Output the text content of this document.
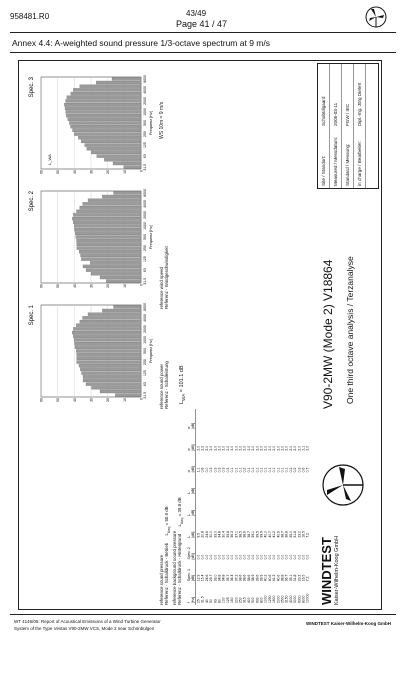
958481.R0	43/49
Page 41 / 47
Annex 4.4: A-weighted sound pressure 1/3-octave spectrum at 9 m/s
WINDTEST Kaiser-Wilhelm-Koog GmbH
V90-2MW (Mode 2) V18864 One third octave analysis / Terzanalyse
Site / Standort:
Schobüllgaard
Measured / Messdatum:
2005-03-11
Standard / Messung:
FGW / IEC
in charge / Bearbeiter:
Dipl.-Ing. Jörg Dietert
reference sound pressure Referenz - Schalldruck - Betrieb $L_{Aeq} = 50.9$ dB
reference background sound pressure Referenz - Schalldruck - Hintergrund $L_{Aeq} = 39.8$ dB
f
Spec. 1
Spec. 2
L
L
L
σ
σ
σ
[Hz]
[dB]
[dB]
[dB]
[dB]
[dB]
[dB]
[dB]
[dB]
25
12.9
0.0
9.5
1.1
2.0
31.5
15.4
0.0
20.8
0.8
2.2
40
24.6
0.0
24.6
0.0
2.0
50
29.7
0.0
30.0
0.3
2.0
63
33.0
0.0
33.0
0.3
2.0
80
34.8
0.0
34.8
0.3
2.0
100
34.8
0.0
30.4
0.3
2.0
125
35.7
0.0
35.8
0.3
2.0
160
36.4
0.0
36.3
0.1
2.0
200
37.2
0.0
37.1
0.1
2.0
250
38.6
0.0
38.5
0.1
2.0
315
38.6
0.0
38.6
0.2
2.0
400
38.6
0.0
38.7
0.1
2.0
500
38.9
0.0
39.1
0.1
2.0
630
39.6
0.0
39.5
0.1
2.0
800
39.9
0.0
39.9
0.1
2.0
1000
40.2
0.0
40.0
0.1
2.0
1250
40.6
0.0
40.7
0.1
2.0
1600
41.3
0.0
41.2
0.1
2.0
2000
40.6
0.0
40.6
0.1
2.0
2500
38.8
0.0
38.7
0.1
2.0
3150
36.7
0.0
36.8
0.1
2.0
4000
35.1
0.0
35.0
0.2
2.0
5000
31.8
0.0
31.8
0.2
2.0
6300
23.2
0.0
23.2
0.3
2.0
8000
16.5
0.0
16.5
0.6
2.1
10000
7.2
0.0
7.2
0.7
2.0
reference sound power Referenz - Schalleistung $L_{WA} = 101.1$ dB
reference wind speed Referenz - Windgeschwindigkeit
WS 10m = 9 m/s
Spec. 1
0
10
20
30
40
50
60
31.5
63
125
250
500
1000
2000
4000
8000
Frequenz [Hz]
Spec. 2
0
10
20
30
40
50
60
31.5
63
125
250
500
1000
2000
4000
8000
Frequenz [Hz]
Spec. 3
L_WA
0
10
20
30
40
50
60
31.5
63
125
250
500
1000
2000
4000
8000
Frequenz [Hz]
WT 4146/05: Report of Acoustical Emissions of a Wind Turbine Generator
System of the Type Vestas V90-2MW VCS, Mode 2 near Schönbülgen
WINDTEST Kaiser-Wilhelm-Koog GmbH
